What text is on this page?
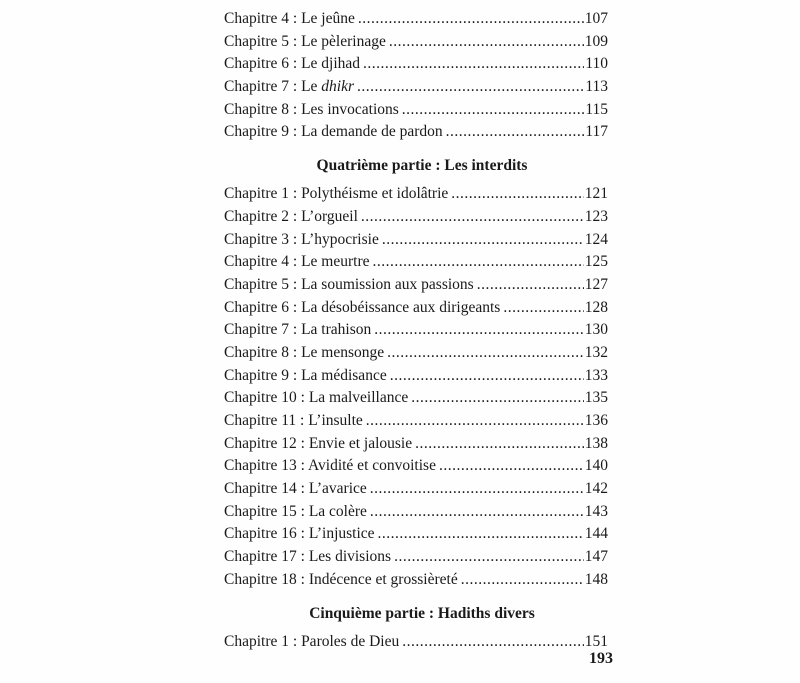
Chapitre 4 : Le jeûne .....	107
Chapitre 5 : Le pèlerinage .....	109
Chapitre 6 : Le djihad .....	110
Chapitre 7 : Le dhikr .....	113
Chapitre 8 : Les invocations .....	115
Chapitre 9 : La demande de pardon .....	117
Quatrième partie : Les interdits
Chapitre 1 : Polythéisme et idolâtrie .....	121
Chapitre 2 : L’orgueil .....	123
Chapitre 3 : L’hypocrisie .....	124
Chapitre 4 : Le meurtre .....	125
Chapitre 5 : La soumission aux passions .....	127
Chapitre 6 : La désobéissance aux dirigeants .....	128
Chapitre 7 : La trahison .....	130
Chapitre 8 : Le mensonge .....	132
Chapitre 9 : La médisance .....	133
Chapitre 10 : La malveillance .....	135
Chapitre 11 : L’insulte .....	136
Chapitre 12 : Envie et jalousie .....	138
Chapitre 13 : Avidité et convoitise .....	140
Chapitre 14 : L’avarice .....	142
Chapitre 15 : La colère .....	143
Chapitre 16 : L’injustice .....	144
Chapitre 17 : Les divisions .....	147
Chapitre 18 : Indécence et grossièreté .....	148
Cinquième partie : Hadiths divers
Chapitre 1 : Paroles de Dieu .....	151
193
